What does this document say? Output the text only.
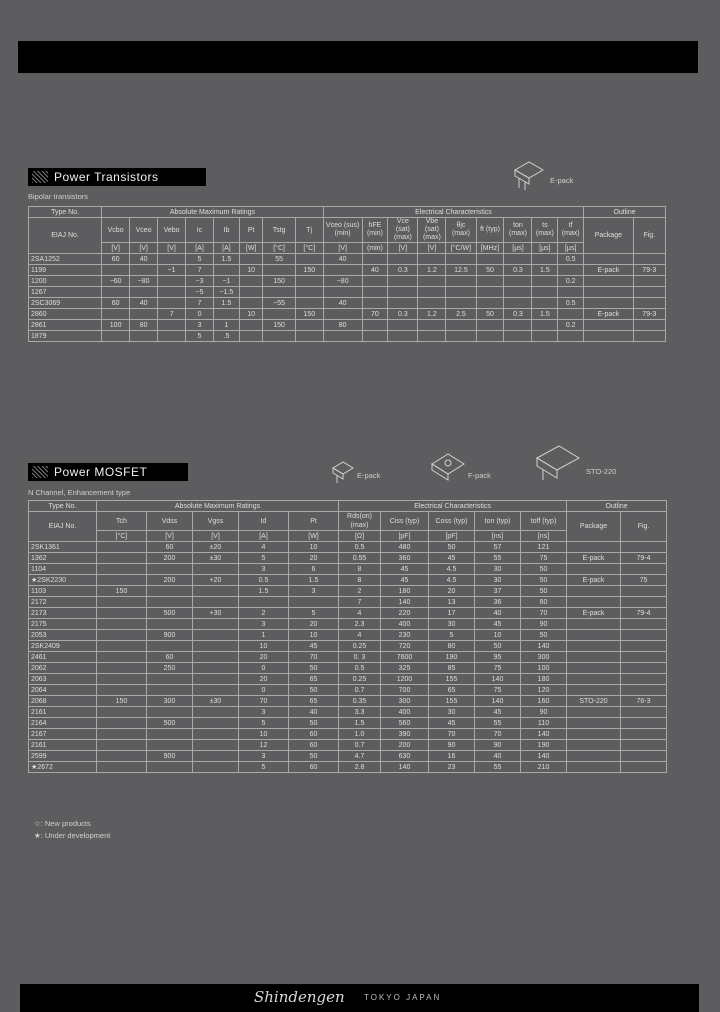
Power Transistors
Bipolar transistors
E-pack
Type No.	Absolute Maximum Ratings								Electrical Characteristics									Outline	
EIAJ No.	Vcbo	Vceo	Vebo	Ic	Ib	Pt	Tstg	Tj	Vceo (sus) (min)	hFE (min)	Vce (sat) (max)	Vbe (sat) (max)	θjc (max)	ft (typ)	ton (max)	ts (max)	tf (max)		
																		Package	Fig.
	[V]	[V]	[V]	[A]	[A]	[W]	[°C]	[°C]	[V]	(min)	[V]	[V]	[°C/W]	[MHz]	[μs]	[μs]	[μs]		
2SA1252	60	40		5	1.5		55		40								0.5		
1199			−1	7		10		150		40	0.3	1.2	12.5	50	0.3	1.5		E-pack	79-3
1200	−60	−80		−3	−1		150		−80								0.2		
1267				−5	−1.5														
2SC3069	60	40		7	1.5		−55		40								0.5		
2860			7	0		10		150		70	0.3	1.2	2.5	50	0.3	1.5		E-pack	79-3
2861	100	80		3	1		150		80								0.2		
1879				5	.5														
Power MOSFET
N Channel, Enhancement type
E-pack	F-pack	STO-220
Type No.	Absolute Maximum Ratings					Electrical Characteristics					Outline	
EIAJ No.	Tch	Vdss	Vgss	Id	Pt	Rds(on) (max)	Ciss (typ)	Coss (typ)	ton (typ)	toff (typ)		
											Package	Fig.
	[°C]	[V]	[V]	[A]	[W]	[Ω]	[pF]	[pF]	[ns]	[ns]		
2SK1361		60	±20	4	10	0.5	480	50	57	121		
1362		200	±30	5	20	0.55	360	45	55	75	E-pack	79-4
1104				3	6	8	45	4.5	30	50		
★2SK2230		200	+20	0.5	1.5	8	45	4.5	30	50	E-pack	75
1103	150			1.5	3	2	180	20	37	50		
2172						7	140	13	36	60		
2173		500	+30	2	5	4	220	17	40	70	E-pack	79-4
2175				3	20	2.3	400	30	45	90		
2053		900		1	10	4	230	5	10	50		
2SK2409				10	45	0.25	720	80	50	140		
2461		60		20	70	0. 3	7600	190	95	300		
2062		250		0	50	0.5	325	85	75	100		
2063				20	65	0.25	1200	155	140	180		
2064				0	50	0.7	700	65	75	120		
2068	150	300	±30	70	65	0.35	300	155	140	160	STO-220	76-3
2161				3	40	3.3	400	30	45	90		
2164		500		5	50	1.5	560	45	55	110		
2167				10	60	1.0	390	70	70	140		
2161				12	60	0.7	200	90	90	190		
2599		900		3	50	4.7	630	16	40	140		
★2672				5	60	2.8	140	23	55	210		
☆: New products
★: Under development
Shindengen TOKYO JAPAN
